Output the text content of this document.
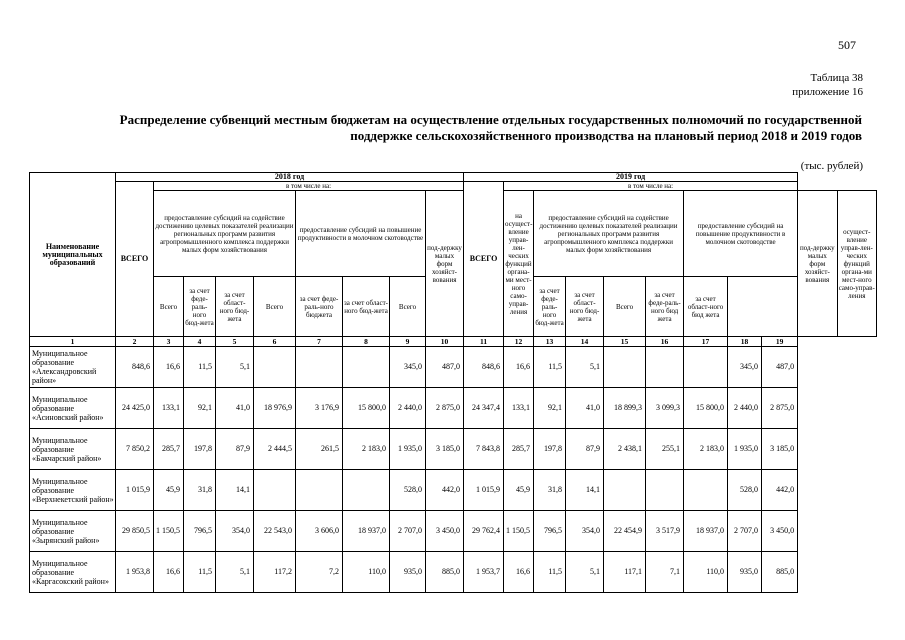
507
Таблица 38
приложение 16
Распределение субвенций местным бюджетам на осуществление отдельных государственных полномочий по государственной
поддержке сельскохозяйственного производства на плановый период 2018 и 2019 годов
(тыс. рублей)
Наименование муниципальных образований	2018 год									2019 год										
	ВСЕГО	в том числе на:								ВСЕГО	в том числе на:									
		предоставление субсидий на содействие достижению целевых показателей реализации региональных программ развития агропромышленного комплекса поддержки малых форм хозяйствования				предоставление субсидий на повышение продуктивности в молочном скотоводстве			под-держку малых форм хозяйст-вования		на осущест-вление управ-лен-ческих функций органа-ми мест-ного само-управ-ления	предоставление субсидий на содействие достижению целевых показателей реализации региональных программ развития агропромышленного комплекса поддержки малых форм хозяйствования				предоставление субсидий на повышение продуктивности в молочном скотоводстве			под-держку малых форм хозяйст-вования	осущест-вление управ-лен-ческих функций органа-ми мест-ного само-управ-ления
		Всего	за счет феде-раль-ного бюд-жета	за счет област-ного бюд-жета	Всего	за счет феде-раль-ного бюджета	за счет област-ного бюд-жета	Всего				за счет феде-раль-ного бюд-жета	за счет област-ного бюд-жета	Всего	за счет феде-раль-ного бюд жета	за счет област-ного бюд жета				
1	2	3	4	5	6	7	8	9	10	11	12	13	14	15	16	17	18	19		
Муниципальное образование «Александровский район»	848,6	16,6	11,5	5,1				345,0	487,0	848,6	16,6	11,5	5,1				345,0	487,0		
Муниципальное образование «Асиновский район»	24 425,0	133,1	92,1	41,0	18 976,9	3 176,9	15 800,0	2 440,0	2 875,0	24 347,4	133,1	92,1	41,0	18 899,3	3 099,3	15 800,0	2 440,0	2 875,0		
Муниципальное образование «Бакчарский район»	7 850,2	285,7	197,8	87,9	2 444,5	261,5	2 183,0	1 935,0	3 185,0	7 843,8	285,7	197,8	87,9	2 438,1	255,1	2 183,0	1 935,0	3 185,0		
Муниципальное образование «Верхнекетский район»	1 015,9	45,9	31,8	14,1				528,0	442,0	1 015,9	45,9	31,8	14,1				528,0	442,0		
Муниципальное образование «Зырянский район»	29 850,5	1 150,5	796,5	354,0	22 543,0	3 606,0	18 937,0	2 707,0	3 450,0	29 762,4	1 150,5	796,5	354,0	22 454,9	3 517,9	18 937,0	2 707,0	3 450,0		
Муниципальное образование «Каргасокский район»	1 953,8	16,6	11,5	5,1	117,2	7,2	110,0	935,0	885,0	1 953,7	16,6	11,5	5,1	117,1	7,1	110,0	935,0	885,0		
